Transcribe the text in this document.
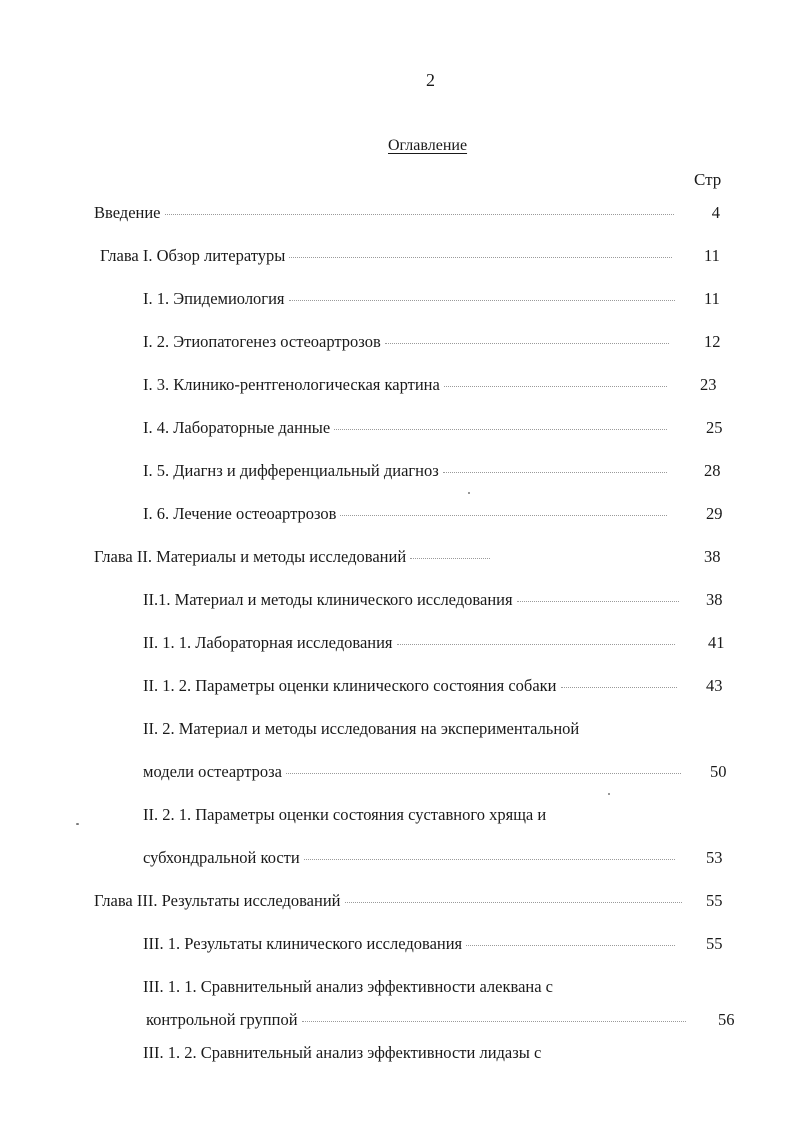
2
Оглавление
Стр
Введение	4
Глава I. Обзор литературы	11
I. 1. Эпидемиология	11
I. 2. Этиопатогенез остеоартрозов	12
I. 3. Клинико-рентгенологическая картина	23
I. 4. Лабораторные данные	25
I. 5. Диагнз и дифференциальный диагноз	28
I. 6. Лечение остеоартрозов	29
Глава II. Материалы и методы исследований	38
II.1. Материал и методы клинического исследования	38
II. 1. 1. Лабораторная исследования	41
II. 1. 2. Параметры оценки клинического состояния собаки	43
II. 2. Материал и методы исследования на экспериментальной
модели остеартроза	50
II. 2. 1. Параметры оценки состояния суставного хряща и
субхондральной кости	53
Глава III. Результаты исследований	55
III. 1. Результаты клинического исследования	55
III. 1. 1. Сравнительный анализ эффективности алеквана с
контрольной группой	56
III. 1. 2. Сравнительный анализ эффективности лидазы с
